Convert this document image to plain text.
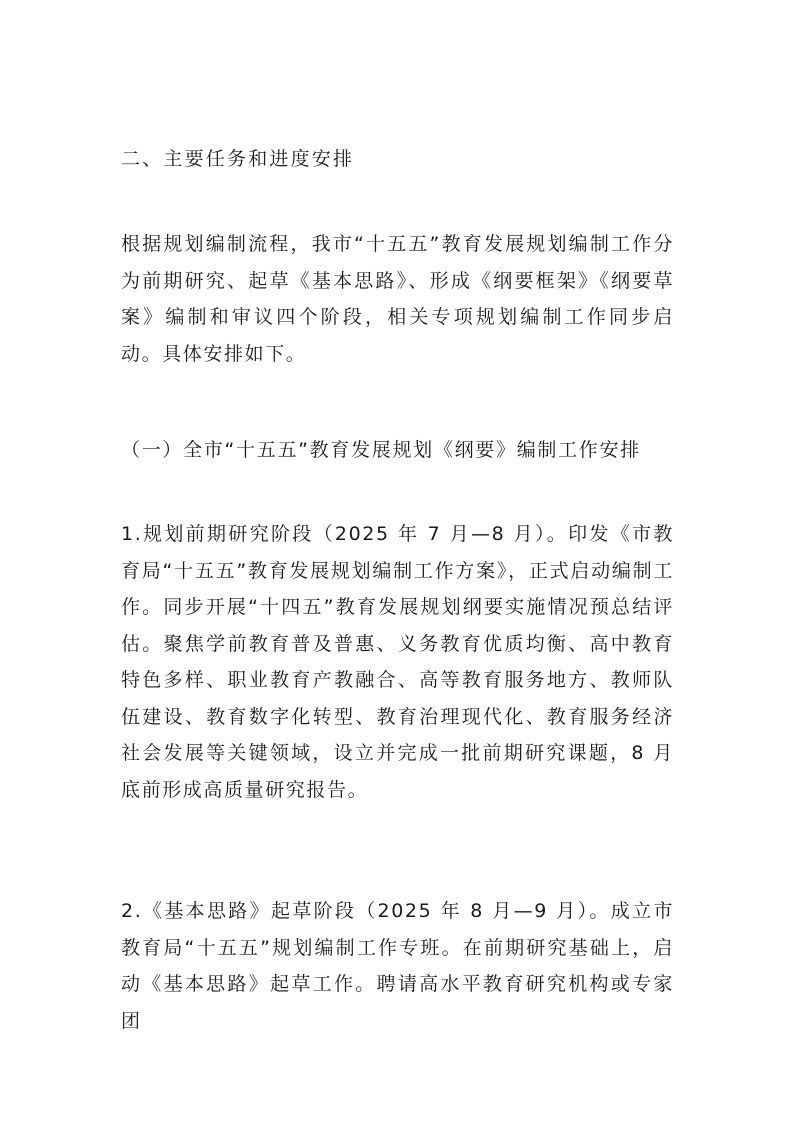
二、主要任务和进度安排

根据规划编制流程，我市“十五五”教育发展规划编制工作分为前期研究、起草《基本思路》、形成《纲要框架》《纲要草案》编制和审议四个阶段，相关专项规划编制工作同步启动。具体安排如下。

（一）全市“十五五”教育发展规划《纲要》编制工作安排

1.规划前期研究阶段（2025 年 7 月—8 月）。印发《市教育局“十五五”教育发展规划编制工作方案》，正式启动编制工作。同步开展“十四五”教育发展规划纲要实施情况预总结评估。聚焦学前教育普及普惠、义务教育优质均衡、高中教育特色多样、职业教育产教融合、高等教育服务地方、教师队伍建设、教育数字化转型、教育治理现代化、教育服务经济社会发展等关键领域，设立并完成一批前期研究课题，8 月底前形成高质量研究报告。

2.《基本思路》起草阶段（2025 年 8 月—9 月）。成立市教育局“十五五”规划编制工作专班。在前期研究基础上，启动《基本思路》起草工作。聘请高水平教育研究机构或专家团
